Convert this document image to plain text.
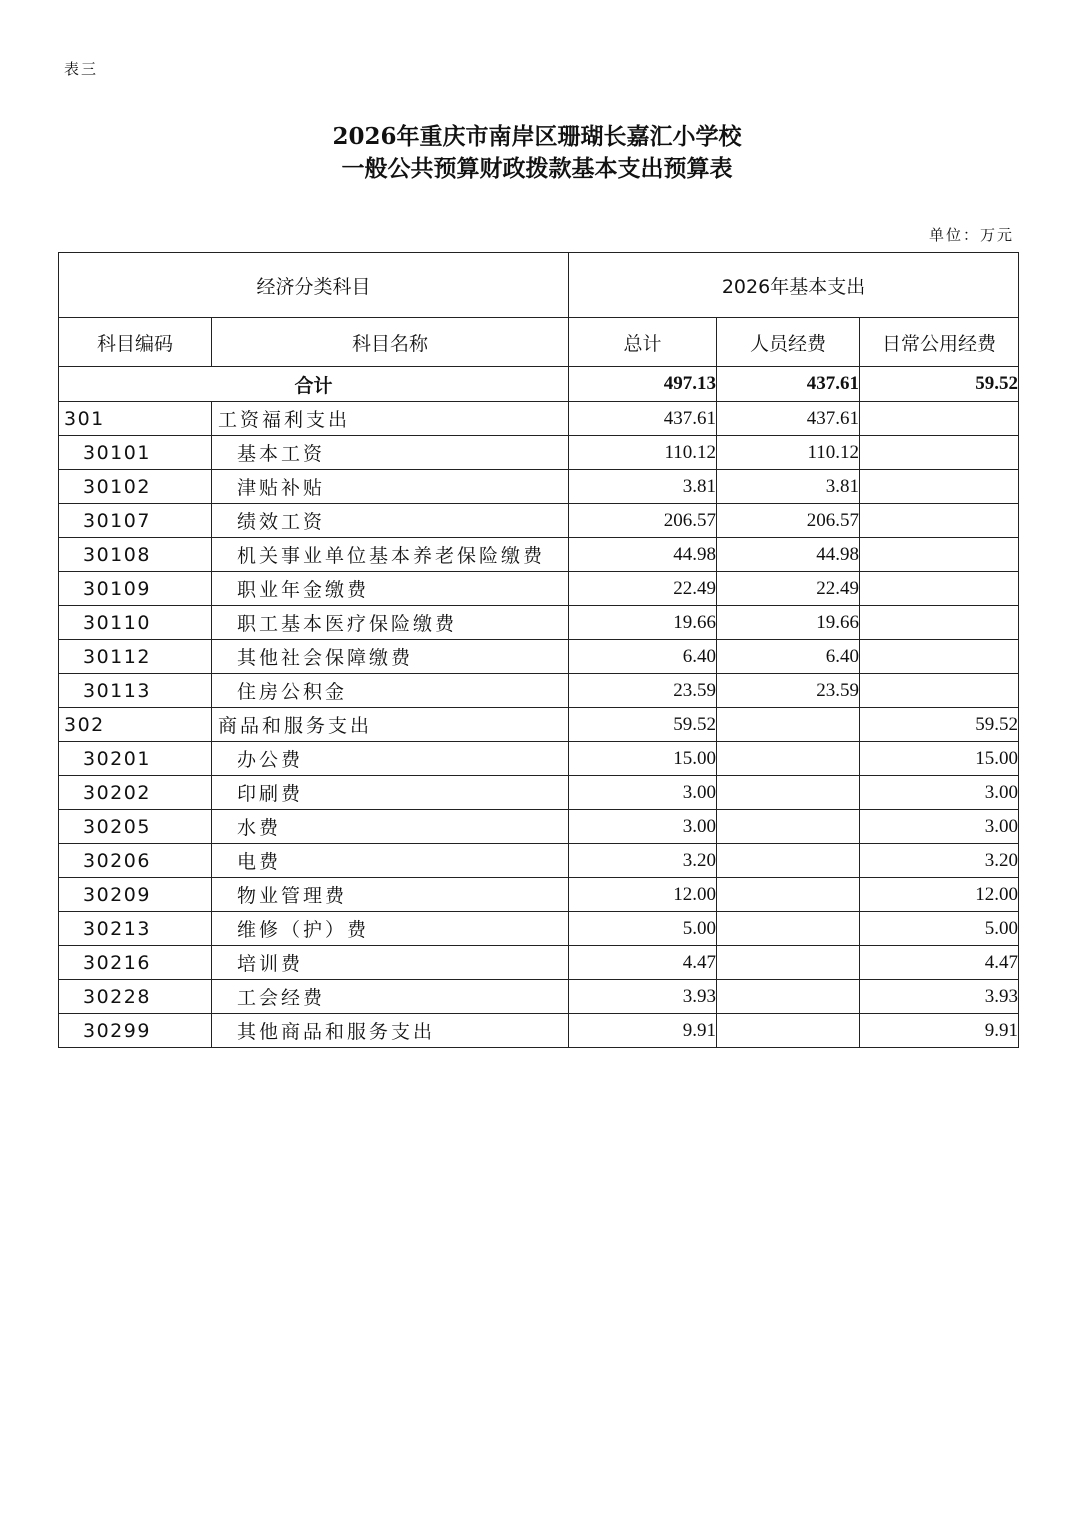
表三
2026年重庆市南岸区珊瑚长嘉汇小学校
一般公共预算财政拨款基本支出预算表
单位：万元
经济分类科目		2026年基本支出		
科目编码	科目名称	总计	人员经费	日常公用经费
合计		497.13	437.61	59.52
301	工资福利支出	437.61	437.61	
30101	基本工资	110.12	110.12	
30102	津贴补贴	3.81	3.81	
30107	绩效工资	206.57	206.57	
30108	机关事业单位基本养老保险缴费	44.98	44.98	
30109	职业年金缴费	22.49	22.49	
30110	职工基本医疗保险缴费	19.66	19.66	
30112	其他社会保障缴费	6.40	6.40	
30113	住房公积金	23.59	23.59	
302	商品和服务支出	59.52		59.52
30201	办公费	15.00		15.00
30202	印刷费	3.00		3.00
30205	水费	3.00		3.00
30206	电费	3.20		3.20
30209	物业管理费	12.00		12.00
30213	维修（护）费	5.00		5.00
30216	培训费	4.47		4.47
30228	工会经费	3.93		3.93
30299	其他商品和服务支出	9.91		9.91
